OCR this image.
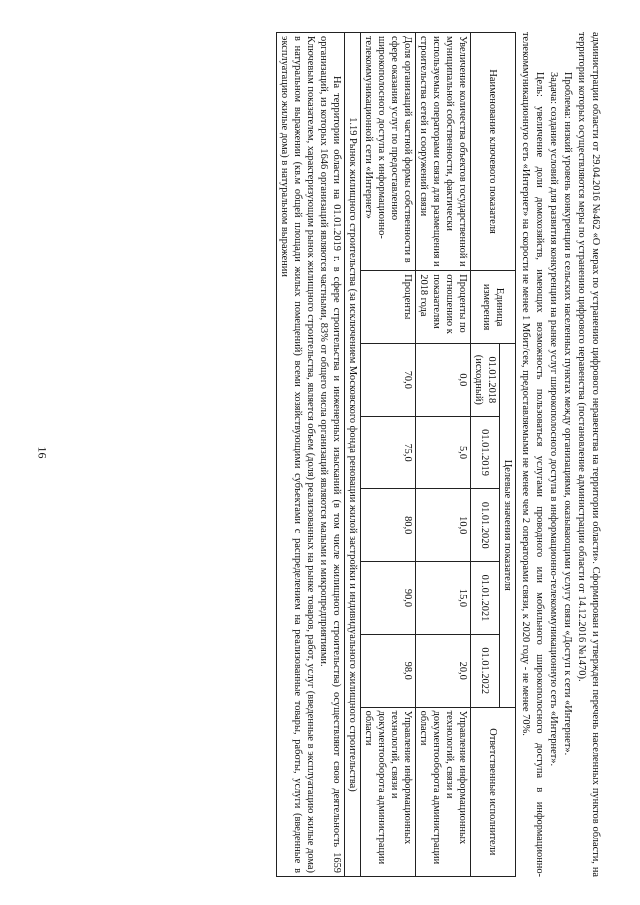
16	администрации области от 29.04.2016 №462 «О мерах по устранению цифрового неравенства на территории области». Сформирован и утвержден перечень населенных пунктов области, на территории которых осуществляются меры по устранению цифрового неравенства (постановление администрации области от 14.12.2016 №1470).

Проблема: низкий уровень конкуренции в сельских населенных пунктах между организациями, оказывающими услугу связи «Доступ к сети «Интернет».

Задача: создание условий для развития конкуренции на рынке услуг широкополосного доступа в информационно-телекоммуникационную сеть «Интернет».

Цель: увеличение доли домохозяйств, имеющих возможность пользоваться услугами проводного или мобильного широкополосного доступа в информационно-телекоммуникационную сеть «Интернет» на скорости не менее 1 Мбит/сек, предоставляемыми не менее чем 2 операторами связи, к 2020 году - не менее 70%.

Наименование ключевого показателя	Единица измерения	Целевые значения показателя					Ответственные исполнители
		01.01.2018 (исходный)	01.01.2019	01.01.2020	01.01.2021	01.01.2022	
Увеличение количества объектов государственной и муниципальной собственности, фактически используемых операторами связи для размещения и строительства сетей и сооружений связи	Проценты по отношению к показателям 2018 года	0,0	5,0	10,0	15,0	20,0	Управление информационных технологий, связи и документооборота администрации области
Доля организаций частной формы собственности в сфере оказания услуг по предоставлению широкополосного доступа к информационно-телекоммуникационной сети «Интернет»	Проценты	70,0	75,0	80,0	90,0	98,0	Управление информационных технологий, связи и документооборота администрации области
1.19 Рынок жилищного строительства (за исключением Московского фонда реновации жилой застройки и индивидуального жилищного строительства)							

На территории области на 01.01.2019 г. в сфере строительства и инженерных изысканий (в том числе жилищного строительства) осуществляют свою деятельность 1659 организаций, из которых 1646 организаций являются частными, 83% от общего числа организаций являются малыми и микропредприятиями.

Ключевым показателем, характеризующим рынок жилищного строительства, является объем (доля) реализованных на рынке товаров, работ, услуг (введенные в эксплуатацию жилые дома) в натуральном выражении (кв.м общей площади жилых помещений) всеми хозяйствующими субъектами с распределением на реализованные товары, работы, услуги (введенные в эксплуатацию жилые дома) в натуральном выражении							
